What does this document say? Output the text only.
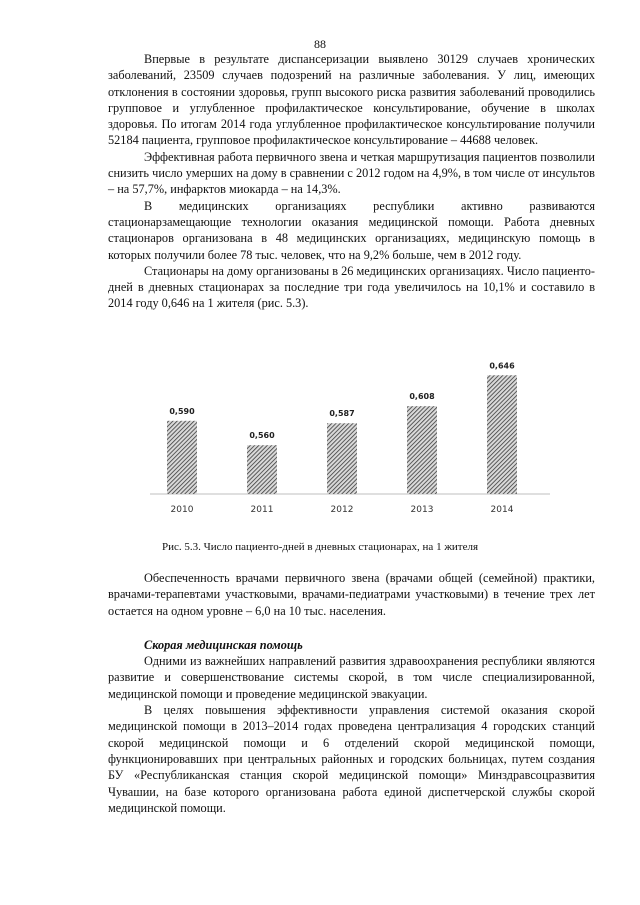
88

Впервые в результате диспансеризации выявлено 30129 случаев хронических заболеваний, 23509 случаев подозрений на различные заболевания. У лиц, имеющих отклонения в состоянии здоровья, групп высокого риска развития заболеваний проводились групповое и углубленное профилактическое консультирование, обучение в школах здоровья. По итогам 2014 года углубленное профилактическое консультирование получили 52184 пациента, групповое профилактическое консультирование – 44688 человек.

Эффективная работа первичного звена и четкая маршрутизация пациентов позволили снизить число умерших на дому в сравнении с 2012 годом на 4,9%, в том числе от инсультов – на 57,7%, инфарктов миокарда – на 14,3%.

В медицинских организациях республики активно развиваются стационарзамещающие технологии оказания медицинской помощи. Работа дневных стационаров организована в 48 медицинских организациях, медицинскую помощь в которых получили более 78 тыс. человек, что на 9,2% больше, чем в 2012 году.

Стационары на дому организованы в 26 медицинских организациях. Число пациенто-дней в дневных стационарах за последние три года увеличилось на 10,1% и составило в 2014 году 0,646 на 1 жителя (рис. 5.3).

0,590
2010
0,560
2011
0,587
2012
0,608
2013
0,646
2014
Рис. 5.3. Число пациенто-дней в дневных стационарах, на 1 жителя

Обеспеченность врачами первичного звена (врачами общей (семейной) практики, врачами-терапевтами участковыми, врачами-педиатрами участковыми) в течение трех лет остается на одном уровне – 6,0 на 10 тыс. населения.

Скорая медицинская помощь

Одними из важнейших направлений развития здравоохранения республики являются развитие и совершенствование системы скорой, в том числе специализированной, медицинской помощи и проведение медицинской эвакуации.

В целях повышения эффективности управления системой оказания скорой медицинской помощи в 2013–2014 годах проведена централизация 4 городских станций скорой медицинской помощи и 6 отделений скорой медицинской помощи, функционировавших при центральных районных и городских больницах, путем создания БУ «Республиканская станция скорой медицинской помощи» Минздравсоцразвития Чувашии, на базе которого организована работа единой диспетчерской службы скорой медицинской помощи.
